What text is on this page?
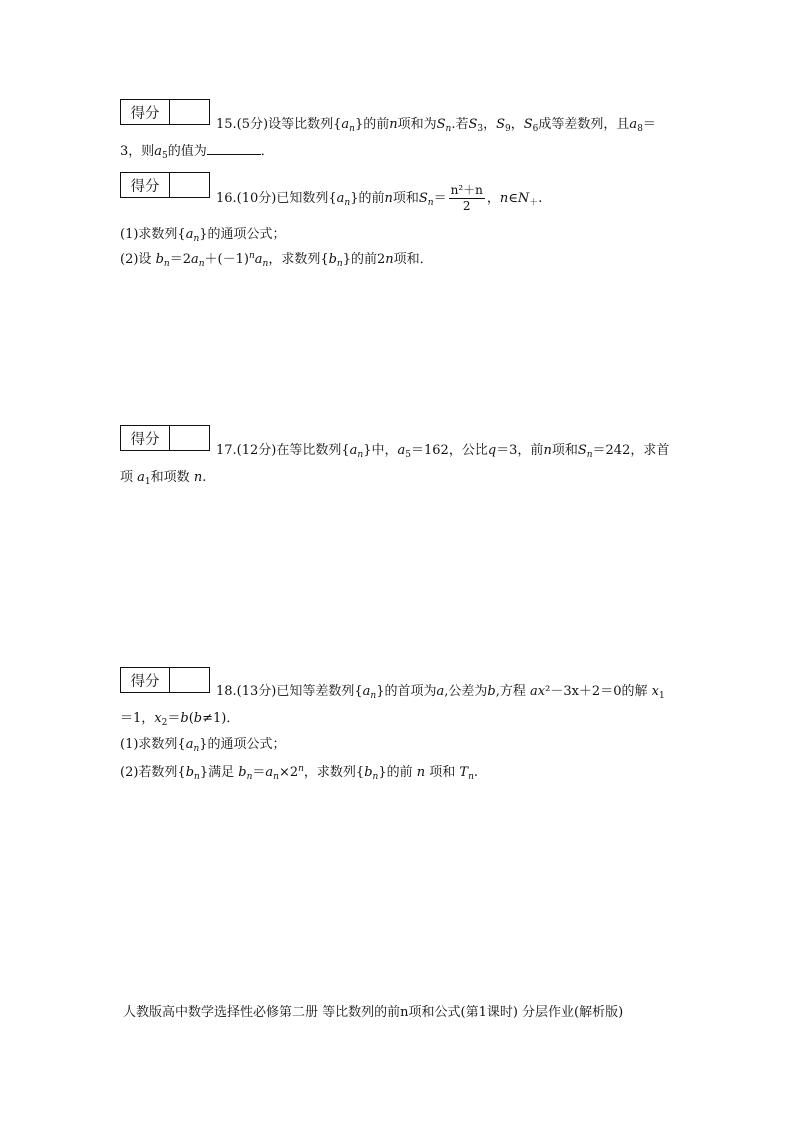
得分
15.(5分)设等比数列$\{a_n\}$的前n项和为$S_n$.若$S_3$，$S_9$，$S_6$成等差数列，且$a_8=$
3，则$a_5$的值为	．
得分
16.(10分)已知数列$\{a_n\}$的前n项和$S_n= \frac{\text{n²＋n}}{2}$ ，$n\in N_+$.
(1)求数列$\{a_n\}$的通项公式；
(2)设 $b_n=2a_n+(-1)^na_n$，求数列$\{b_n\}$的前2n项和．
得分
17.(12分)在等比数列$\{a_n\}$中，$a_5=162$，公比q＝3，前n项和$S_n=242$，求首
项 $a_1$和项数 n.
得分
18.(13分)已知等差数列$\{a_n\}$的首项为a,公差为b,方程 ax²－3x＋2＝0的解 $x_1$
＝1，$x_2=b(b\ne 1)$．
(1)求数列$\{a_n\}$的通项公式；
(2)若数列$\{b_n\}$满足 $b_n=a_n\times 2^n$，求数列$\{b_n\}$的前 n 项和 $T_n$.
人教版高中数学选择性必修第二册 等比数列的前n项和公式(第1课时) 分层作业(解析版)
